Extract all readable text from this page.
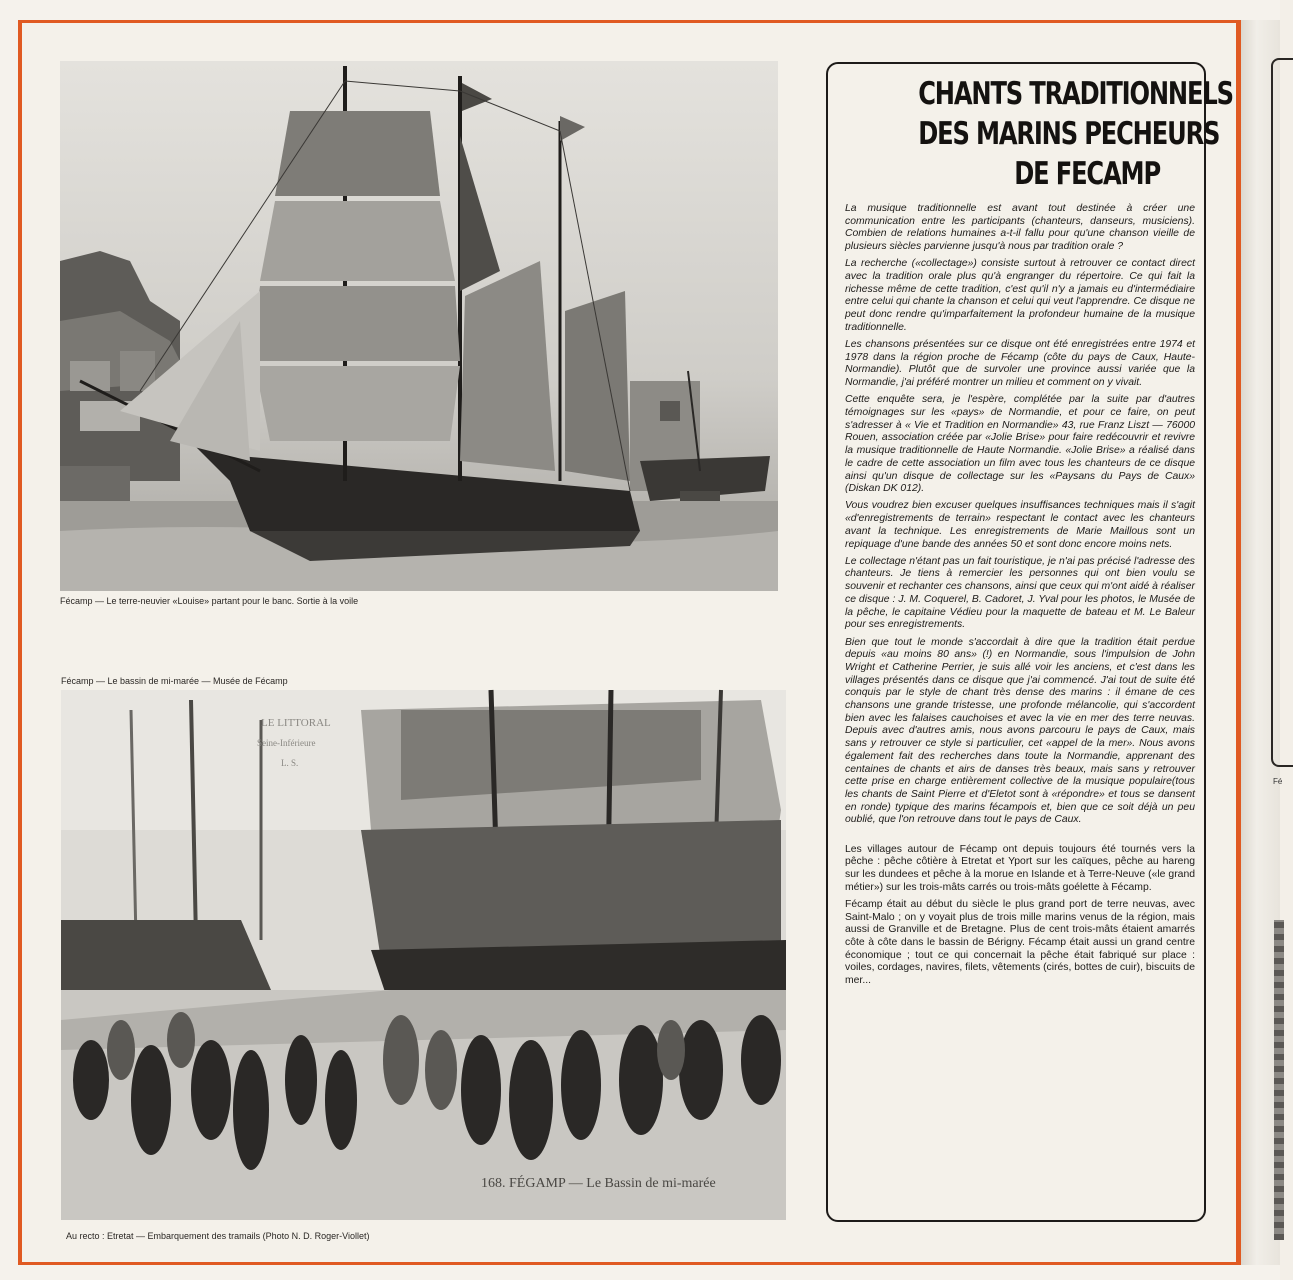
Fé
Fécamp — Le terre-neuvier «Louise» partant pour le banc. Sortie à la voile
Fécamp — Le bassin de mi-marée — Musée de Fécamp
LE LITTORAL
Seine-Inférieure
L. S.
168. FÉGAMP — Le Bassin de mi-marée
Au recto : Etretat — Embarquement des tramails (Photo N. D. Roger-Viollet)
CHANTS TRADITIONNELS
DES MARINS PECHEURS
DE FECAMP

La musique traditionnelle est avant tout destinée à créer une communication entre les participants (chanteurs, danseurs, musiciens). Combien de relations humaines a-t-il fallu pour qu'une chanson vieille de plusieurs siècles parvienne jusqu'à nous par tradition orale ?

La recherche («collectage») consiste surtout à retrouver ce contact direct avec la tradition orale plus qu'à engranger du répertoire. Ce qui fait la richesse même de cette tradition, c'est qu'il n'y a jamais eu d'intermédiaire entre celui qui chante la chanson et celui qui veut l'apprendre. Ce disque ne peut donc rendre qu'imparfaitement la profondeur humaine de la musique traditionnelle.

Les chansons présentées sur ce disque ont été enregistrées entre 1974 et 1978 dans la région proche de Fécamp (côte du pays de Caux, Haute-Normandie). Plutôt que de survoler une province aussi variée que la Normandie, j'ai préféré montrer un milieu et comment on y vivait.

Cette enquête sera, je l'espère, complétée par la suite par d'autres témoignages sur les «pays» de Normandie, et pour ce faire, on peut s'adresser à « Vie et Tradition en Normandie» 43, rue Franz Liszt — 76000 Rouen, association créée par «Jolie Brise» pour faire redécouvrir et revivre la musique traditionnelle de Haute Normandie. «Jolie Brise» a réalisé dans le cadre de cette association un film avec tous les chanteurs de ce disque ainsi qu'un disque de collectage sur les «Paysans du Pays de Caux» (Diskan DK 012).

Vous voudrez bien excuser quelques insuffisances techniques mais il s'agit «d'enregistrements de terrain» respectant le contact avec les chanteurs avant la technique. Les enregistrements de Marie Maillous sont un repiquage d'une bande des années 50 et sont donc encore moins nets.

Le collectage n'étant pas un fait touristique, je n'ai pas précisé l'adresse des chanteurs. Je tiens à remercier les personnes qui ont bien voulu se souvenir et rechanter ces chansons, ainsi que ceux qui m'ont aidé à réaliser ce disque : J. M. Coquerel, B. Cadoret, J. Yval pour les photos, le Musée de la pêche, le capitaine Védieu pour la maquette de bateau et M. Le Baleur pour ses enregistrements.

Bien que tout le monde s'accordait à dire que la tradition était perdue depuis «au moins 80 ans» (!) en Normandie, sous l'impulsion de John Wright et Catherine Perrier, je suis allé voir les anciens, et c'est dans les villages présentés dans ce disque que j'ai commencé. J'ai tout de suite été conquis par le style de chant très dense des marins : il émane de ces chansons une grande tristesse, une profonde mélancolie, qui s'accordent bien avec les falaises cauchoises et avec la vie en mer des terre neuvas. Depuis avec d'autres amis, nous avons parcouru le pays de Caux, mais sans y retrouver ce style si particulier, cet «appel de la mer». Nous avons également fait des recherches dans toute la Normandie, apprenant des centaines de chants et airs de danses très beaux, mais sans y retrouver cette prise en charge entièrement collective de la musique populaire(tous les chants de Saint Pierre et d'Eletot sont à «répondre» et tous se dansent en ronde) typique des marins fécampois et, bien que ce soit déjà un peu oublié, que l'on retrouve dans tout le pays de Caux.

Les villages autour de Fécamp ont depuis toujours été tournés vers la pêche : pêche côtière à Etretat et Yport sur les caïques, pêche au hareng sur les dundees et pêche à la morue en Islande et à Terre-Neuve («le grand métier») sur les trois-mâts carrés ou trois-mâts goélette à Fécamp.

Fécamp était au début du siècle le plus grand port de terre neuvas, avec Saint-Malo ; on y voyait plus de trois mille marins venus de la région, mais aussi de Granville et de Bretagne. Plus de cent trois-mâts étaient amarrés côte à côte dans le bassin de Bérigny. Fécamp était aussi un grand centre économique ; tout ce qui concernait la pêche était fabriqué sur place : voiles, cordages, navires, filets, vêtements (cirés, bottes de cuir), biscuits de mer...
